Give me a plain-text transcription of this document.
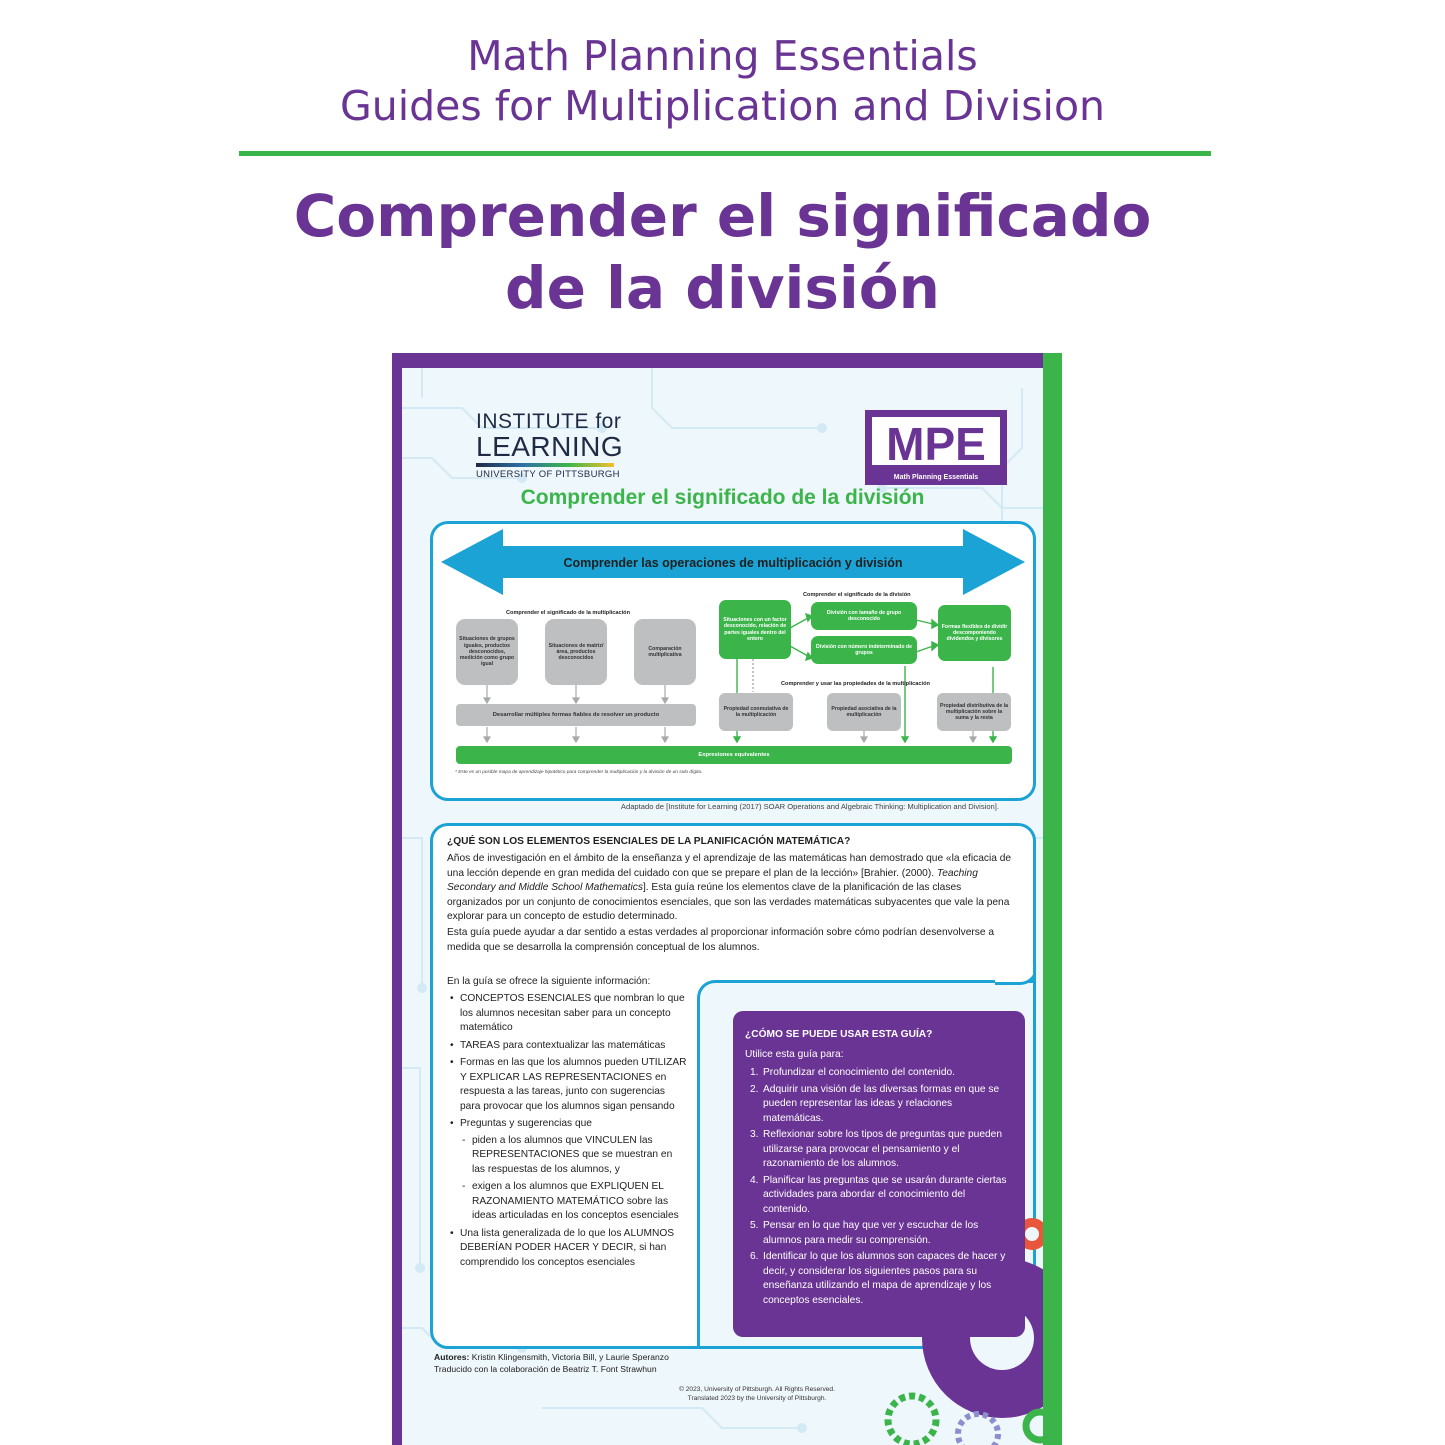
Math Planning Essentials
Guides for Multiplication and Division
Comprender el significado
de la división
INSTITUTE for
LEARNING
UNIVERSITY OF PITTSBURGH
MPE
Math Planning Essentials
Comprender el significado de la división
Comprender las operaciones de multiplicación y división
Comprender el significado de la multiplicación
Comprender el significado de la división
Comprender y usar las propiedades de la multiplicación
Situaciones de grupos iguales, productos desconocidos, medición como grupo igual
Situaciones de matriz/área, productos desconocidos
Comparación multiplicativa
Desarrollar múltiples formas fiables de resolver un producto
Situaciones con un factor desconocido, relación de partes iguales dentro del entero
División con tamaño de grupo desconocido
División con número indeterminado de grupos
Formas flexibles de dividir descomponiendo dividendos y divisores
Propiedad conmutativa de la multiplicación
Propiedad asociativa de la multiplicación
Propiedad distributiva de la multiplicación sobre la suma y la resta
Expresiones equivalentes
* Este es un posible mapa de aprendizaje hipotético para comprender la multiplicación y la división de un solo dígito.
Adaptado de [Institute for Learning (2017) SOAR Operations and Algebraic Thinking: Multiplication and Division].
¿QUÉ SON LOS ELEMENTOS ESENCIALES DE LA PLANIFICACIÓN MATEMÁTICA?
Años de investigación en el ámbito de la enseñanza y el aprendizaje de las matemáticas han demostrado que «la eficacia de una lección depende en gran medida del cuidado con que se prepare el plan de la lección» [Brahier. (2000). Teaching Secondary and Middle School Mathematics]. Esta guía reúne los elementos clave de la planificación de las clases organizados por un conjunto de conocimientos esenciales, que son las verdades matemáticas subyacentes que vale la pena explorar para un concepto de estudio determinado.
Esta guía puede ayudar a dar sentido a estas verdades al proporcionar información sobre cómo podrían desenvolverse a medida que se desarrolla la comprensión conceptual de los alumnos.
En la guía se ofrece la siguiente información:
• CONCEPTOS ESENCIALES que nombran lo que los alumnos necesitan saber para un concepto matemático
• TAREAS para contextualizar las matemáticas
• Formas en las que los alumnos pueden UTILIZAR Y EXPLICAR LAS REPRESENTACIONES en respuesta a las tareas, junto con sugerencias para provocar que los alumnos sigan pensando
• Preguntas y sugerencias que
- piden a los alumnos que VINCULEN las REPRESENTACIONES que se muestran en las respuestas de los alumnos, y
- exigen a los alumnos que EXPLIQUEN EL RAZONAMIENTO MATEMÁTICO sobre las ideas articuladas en los conceptos esenciales
• Una lista generalizada de lo que los ALUMNOS DEBERÍAN PODER HACER Y DECIR, si han comprendido los conceptos esenciales
¿CÓMO SE PUEDE USAR ESTA GUÍA?
Utilice esta guía para:
1. Profundizar el conocimiento del contenido.
2. Adquirir una visión de las diversas formas en que se pueden representar las ideas y relaciones matemáticas.
3. Reflexionar sobre los tipos de preguntas que pueden utilizarse para provocar el pensamiento y el razonamiento de los alumnos.
4. Planificar las preguntas que se usarán durante ciertas actividades para abordar el conocimiento del contenido.
5. Pensar en lo que hay que ver y escuchar de los alumnos para medir su comprensión.
6. Identificar lo que los alumnos son capaces de hacer y decir, y considerar los siguientes pasos para su enseñanza utilizando el mapa de aprendizaje y los conceptos esenciales.
Autores: Kristin Klingensmith, Victoria Bill, y Laurie Speranzo
Traducido con la colaboración de Beatriz T. Font Strawhun
© 2023, University of Pittsburgh. All Rights Reserved.
Translated 2023 by the University of Pittsburgh.
